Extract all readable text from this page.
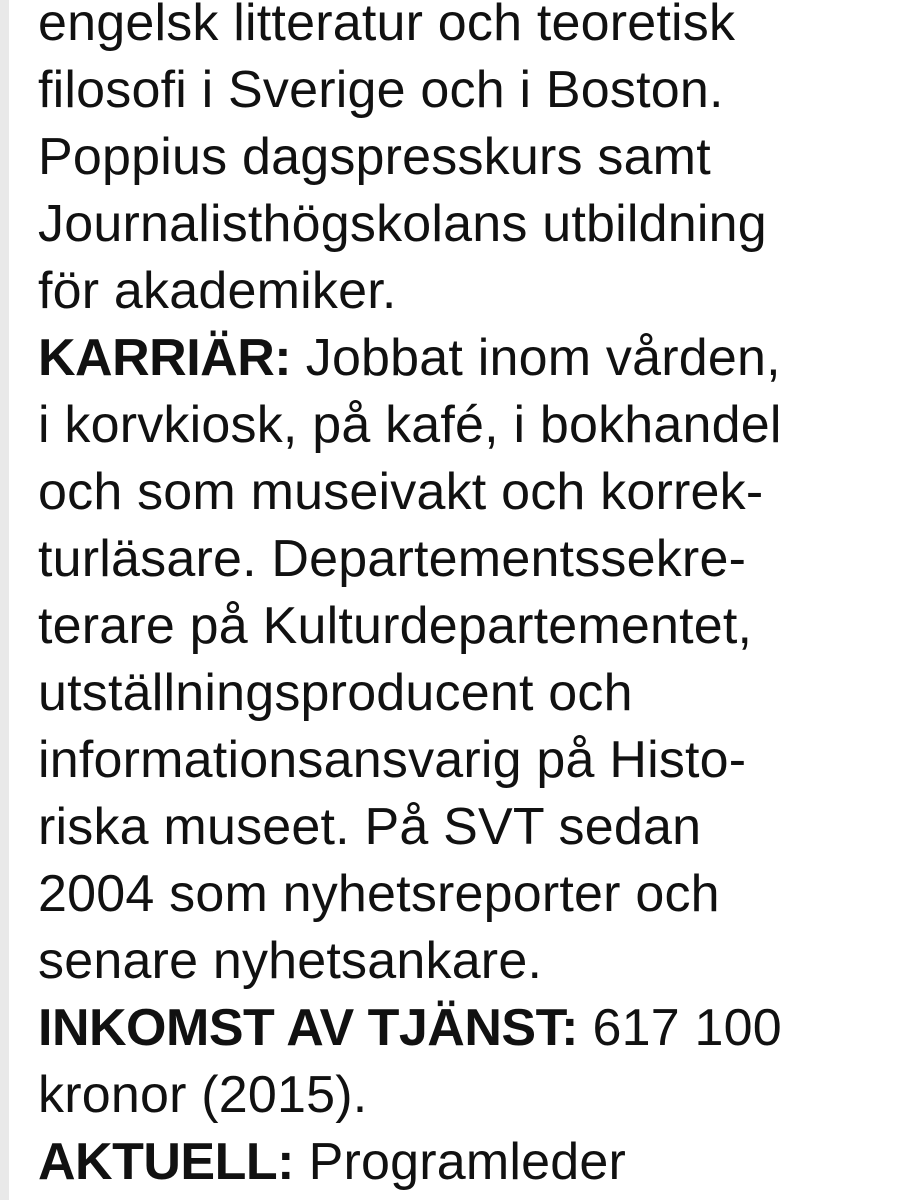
engelsk litteratur och teoretisk
filosofi i Sverige och i Boston.
Poppius dagspresskurs samt
Journalisthögskolans utbildning
för akademiker.
KARRIÄR: Jobbat inom vården,
i korvkiosk, på kafé, i bokhandel
och som museivakt och korrek-
turläsare. Departementssekre-
terare på Kulturdepartementet,
utställningsproducent och
informationsansvarig på Histo-
riska museet. På SVT sedan
2004 som nyhetsreporter och
senare nyhetsankare.
INKOMST AV TJÄNST: 617 100
kronor (2015).
AKTUELL: Programleder
